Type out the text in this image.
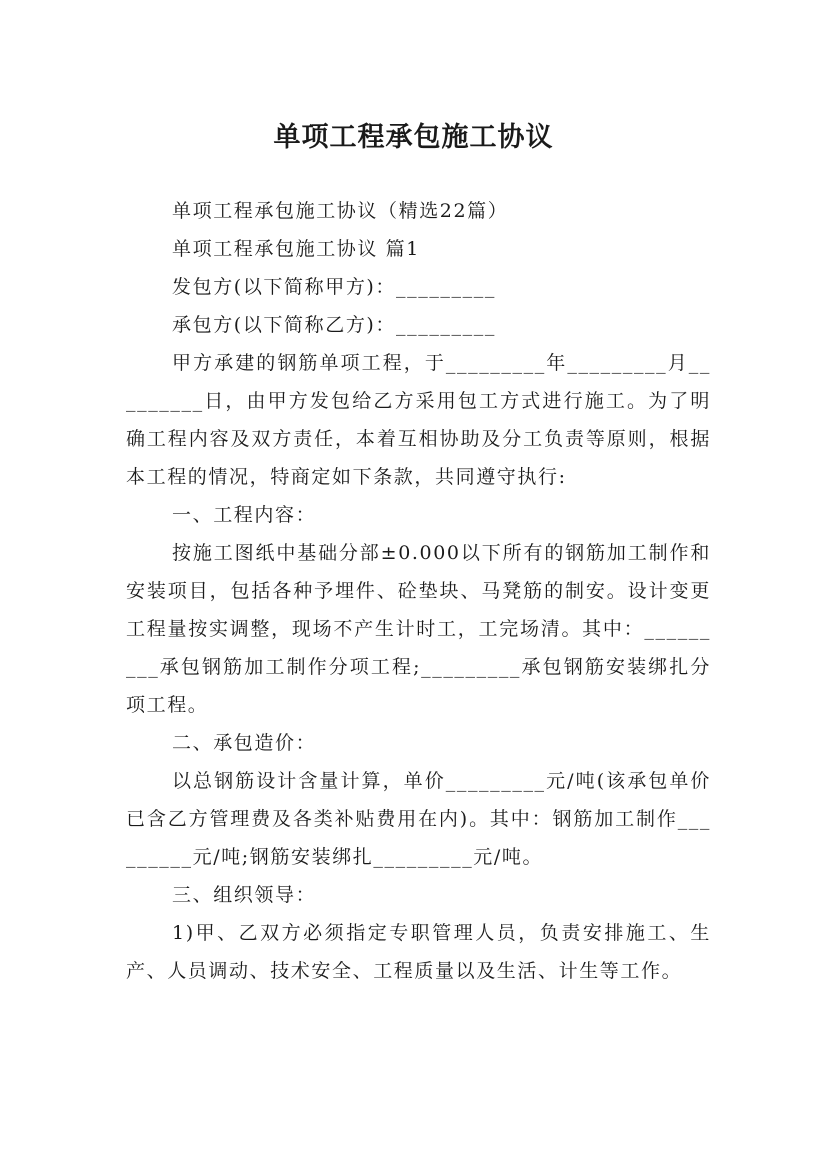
单项工程承包施工协议

单项工程承包施工协议（精选22篇）

单项工程承包施工协议 篇1

发包方(以下简称甲方)：_________

承包方(以下简称乙方)：_________

甲方承建的钢筋单项工程，于_________年_________月_________日，由甲方发包给乙方采用包工方式进行施工。为了明确工程内容及双方责任，本着互相协助及分工负责等原则，根据本工程的情况，特商定如下条款，共同遵守执行:

一、工程内容：

按施工图纸中基础分部±0.000以下所有的钢筋加工制作和安装项目，包括各种予埋件、砼垫块、马凳筋的制安。设计变更工程量按实调整，现场不产生计时工，工完场清。其中：_________承包钢筋加工制作分项工程;_________承包钢筋安装绑扎分项工程。

二、承包造价：

以总钢筋设计含量计算，单价_________元/吨(该承包单价已含乙方管理费及各类补贴费用在内)。其中：钢筋加工制作_________元/吨;钢筋安装绑扎_________元/吨。

三、组织领导：

1)甲、乙双方必须指定专职管理人员，负责安排施工、生产、人员调动、技术安全、工程质量以及生活、计生等工作。
